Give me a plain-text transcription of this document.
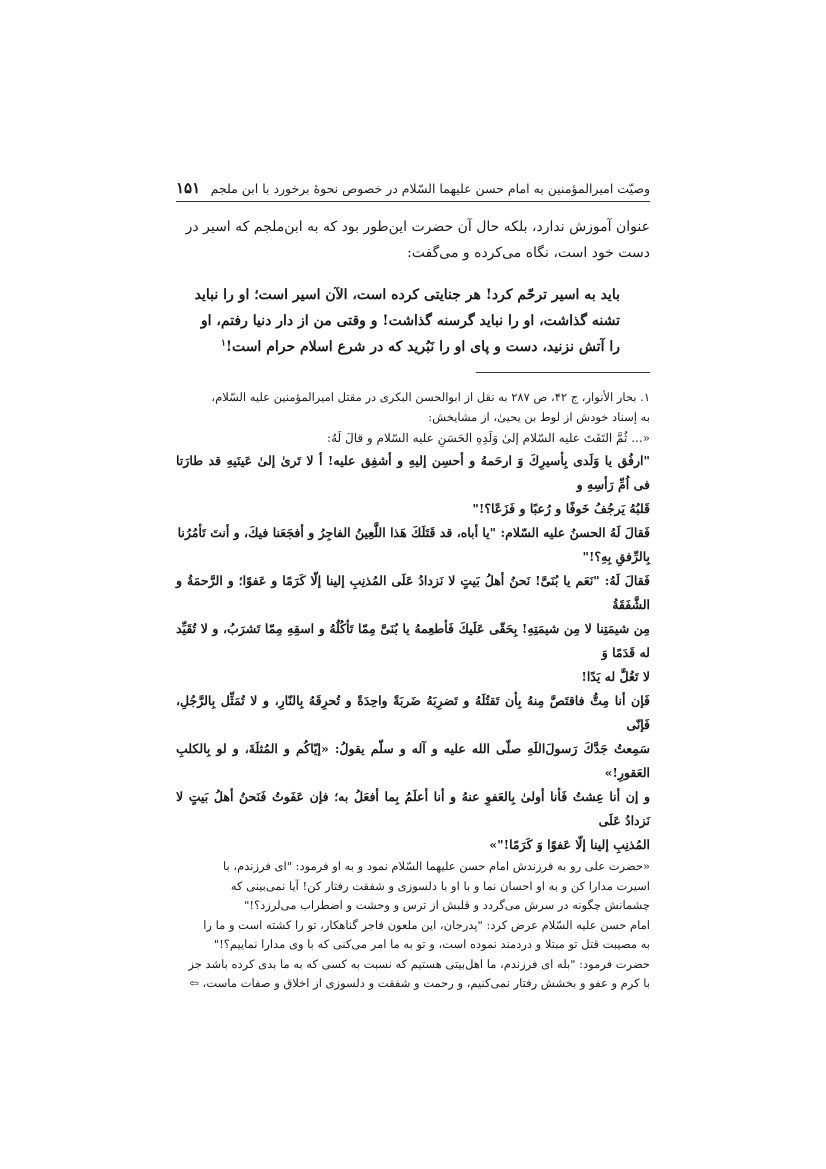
وصیّت امیرالمؤمنین به امام حسن علیهما السّلام در خصوص نحوهٔ برخورد با ابن ملجم
۱۵۱

عنوان آموزش ندارد، بلکه حال آن حضرت این‌طور بود که به ابن‌ملجم که اسیر در

دست خود است، نگاه می‌کرده و می‌گفت:

باید به اسیر ترحّم کرد! هر جنایتی کرده است، الآن اسیر است؛ او را نباید

تشنه گذاشت، او را نباید گرسنه گذاشت! و وقتی من از دار دنیا رفتم، او

را آتش نزنید، دست و پای او را نَبُرید که در شرع اسلام حرام است!$^۱$

۱. بحار الأنوار، ج ۴۲، ص ۲۸۷ به نقل از ابوالحسن البکری در مقتل امیرالمؤمنین علیه السّلام،

به إسناد خودش از لوط بن یحییٰ، از مشایخش:

«... ثُمَّ التَفَتَ علیه السّلام إلیٰ وَلَدِهِ الحَسَنِ علیه السّلام و قالَ لَهُ:

"ارفُق یا وَلَدی بِأسیرِكَ وَ ارحَمهُ و أحسِن إلیهِ و أشفِق علیه! أ لا تَرىٰ إلىٰ عَینَیهِ قد طارَتا فی اُمِّ رَأسِهِ و

قَلبُهُ یَرجُفُ خَوفًا و رُعبًا و فَزَعًا؟!"

فَقالَ لَهُ الحسنُ علیه السّلام: "یا أباه، قد قَتَلَكَ هَذا اللَّعِینُ الفاجِرُ و أفجَعَنا فیكَ، و أنتَ تَأمُرُنا

بِالرِّفقِ بِهِ؟!"

فَقالَ لَهُ: "نَعَم یا بُنَیَّ! نَحنُ أهلُ بَیتٍ لا نَزدادُ عَلَی المُذنِبِ إلینا إلّا کَرَمًا و عَفوًا؛ و الرَّحمَةُ و الشَّفَقَةُ

مِن شیمَتِنا لا مِن شیمَتِهِ! بِحَقّی عَلَیكَ فَأطعِمهُ یا بُنَیَّ مِمّا تَأکُلُهُ و اسقِهِ مِمّا تَشرَبُ، و لا تُقَیِّد له قَدَمًا وَ

لا تَغُلَّ له یَدًا!

فَإن أنا مِتُّ فاقتَصَّ مِنهُ بِأن تَقتُلَهُ و تَضرِبَهُ ضَربَةً واحِدَةً و تُحرِقَهُ بِالنّارِ، و لا تُمَثِّل بِالرَّجُلِ، فَإنّی

سَمِعتُ جَدَّكَ رَسولَ‌اللَهِ صلّی الله علیه و آله و سلّم یقولُ: «إیّاکُم و المُثلَةَ، و لو بِالکلبِ العَقورِ!»

و إن أنا عِشتُ فَأنا أولىٰ بِالعَفوِ عنهُ و أنا أعلَمُ بِما أفعَلُ به؛ فإن عَفَوتُ فَنَحنُ أهلُ بَیتٍ لا نَزدادُ عَلَى

المُذنِبِ إلینا إلّا عَفوًا وَ کَرَمًا!"»

«حضرت علی رو به فرزندش امام حسن علیهما السّلام نمود و به او فرمود: "ای فرزندم، با

اسیرت مدارا کن و به او احسان نما و با او با دلسوزی و شفقت رفتار کن! آیا نمی‌بینی که

چشمانش چگونه در سرش می‌گردد و قلبش از ترس و وحشت و اضطراب می‌لرزد؟!"

امام حسن علیه السّلام عرض کرد: "پدرجان، این ملعون فاجر گناهکار، تو را کشته است و ما را

به مصیبت قتل تو مبتلا و دردمند نموده است، و تو به ما امر می‌کنی که با وی مدارا نماییم؟!"

حضرت فرمود: "بله ای فرزندم، ما اهل‌بیتی هستیم که نسبت به کسی که به ما بدی کرده باشد جز

با کرم و عفو و بخشش رفتار نمی‌کنیم، و رحمت و شفقت و دلسوزی از اخلاق و صفات ماست، ⇦
